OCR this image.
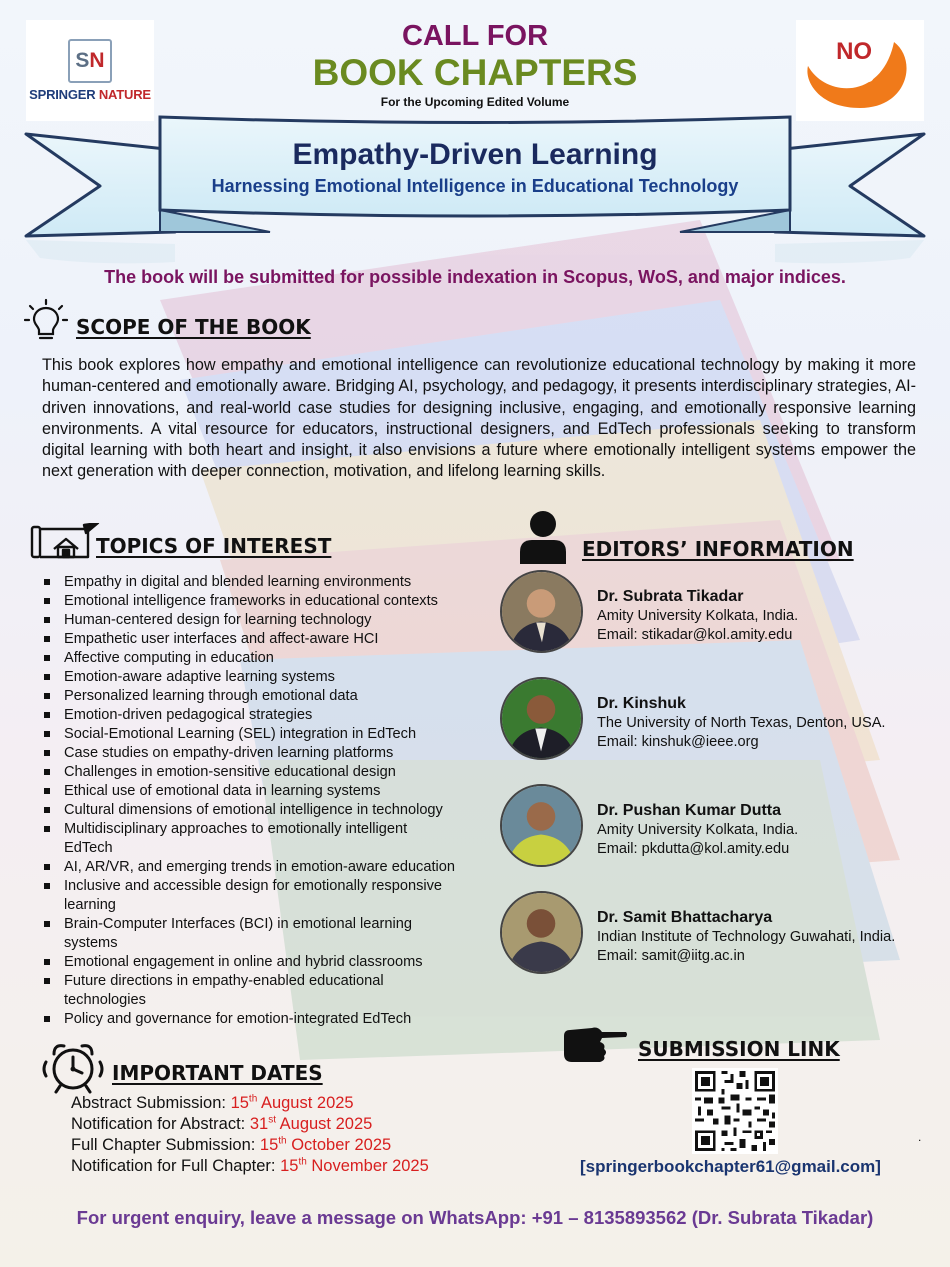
S N
SPRINGER NATURE
NO
APC
CALL FOR
BOOK CHAPTERS
For the Upcoming Edited Volume
Empathy-Driven Learning
Harnessing Emotional Intelligence in Educational Technology
The book will be submitted for possible indexation in Scopus, WoS, and major indices.
SCOPE OF THE BOOK
This book explores how empathy and emotional intelligence can revolutionize educational technology by making it more human-centered and emotionally aware. Bridging AI, psychology, and pedagogy, it presents interdisciplinary strategies, AI-driven innovations, and real-world case studies for designing inclusive, engaging, and emotionally responsive learning environments. A vital resource for educators, instructional designers, and EdTech professionals seeking to transform digital learning with both heart and insight, it also envisions a future where emotionally intelligent systems empower the next generation with deeper connection, motivation, and lifelong learning skills.
TOPICS OF INTEREST
Empathy in digital and blended learning environments
Emotional intelligence frameworks in educational contexts
Human-centered design for learning technology
Empathetic user interfaces and affect-aware HCI
Affective computing in education
Emotion-aware adaptive learning systems
Personalized learning through emotional data
Emotion-driven pedagogical strategies
Social-Emotional Learning (SEL) integration in EdTech
Case studies on empathy-driven learning platforms
Challenges in emotion-sensitive educational design
Ethical use of emotional data in learning systems
Cultural dimensions of emotional intelligence in technology
Multidisciplinary approaches to emotionally intelligent EdTech
AI, AR/VR, and emerging trends in emotion-aware education
Inclusive and accessible design for emotionally responsive learning
Brain-Computer Interfaces (BCI) in emotional learning systems
Emotional engagement in online and hybrid classrooms
Future directions in empathy-enabled educational technologies
Policy and governance for emotion-integrated EdTech
EDITORS’ INFORMATION
Dr. Subrata Tikadar
Amity University Kolkata, India.
Email: stikadar@kol.amity.edu
Dr. Kinshuk
The University of North Texas, Denton, USA.
Email: kinshuk@ieee.org
Dr. Pushan Kumar Dutta
Amity University Kolkata, India.
Email: pkdutta@kol.amity.edu
Dr. Samit Bhattacharya
Indian Institute of Technology Guwahati, India.
Email: samit@iitg.ac.in
IMPORTANT DATES
Abstract Submission: 15th August 2025
Notification for Abstract: 31st August 2025
Full Chapter Submission: 15th October 2025
Notification for Full Chapter: 15th November 2025
SUBMISSION LINK
[springerbookchapter61@gmail.com]
.
For urgent enquiry, leave a message on WhatsApp: +91 – 8135893562 (Dr. Subrata Tikadar)
